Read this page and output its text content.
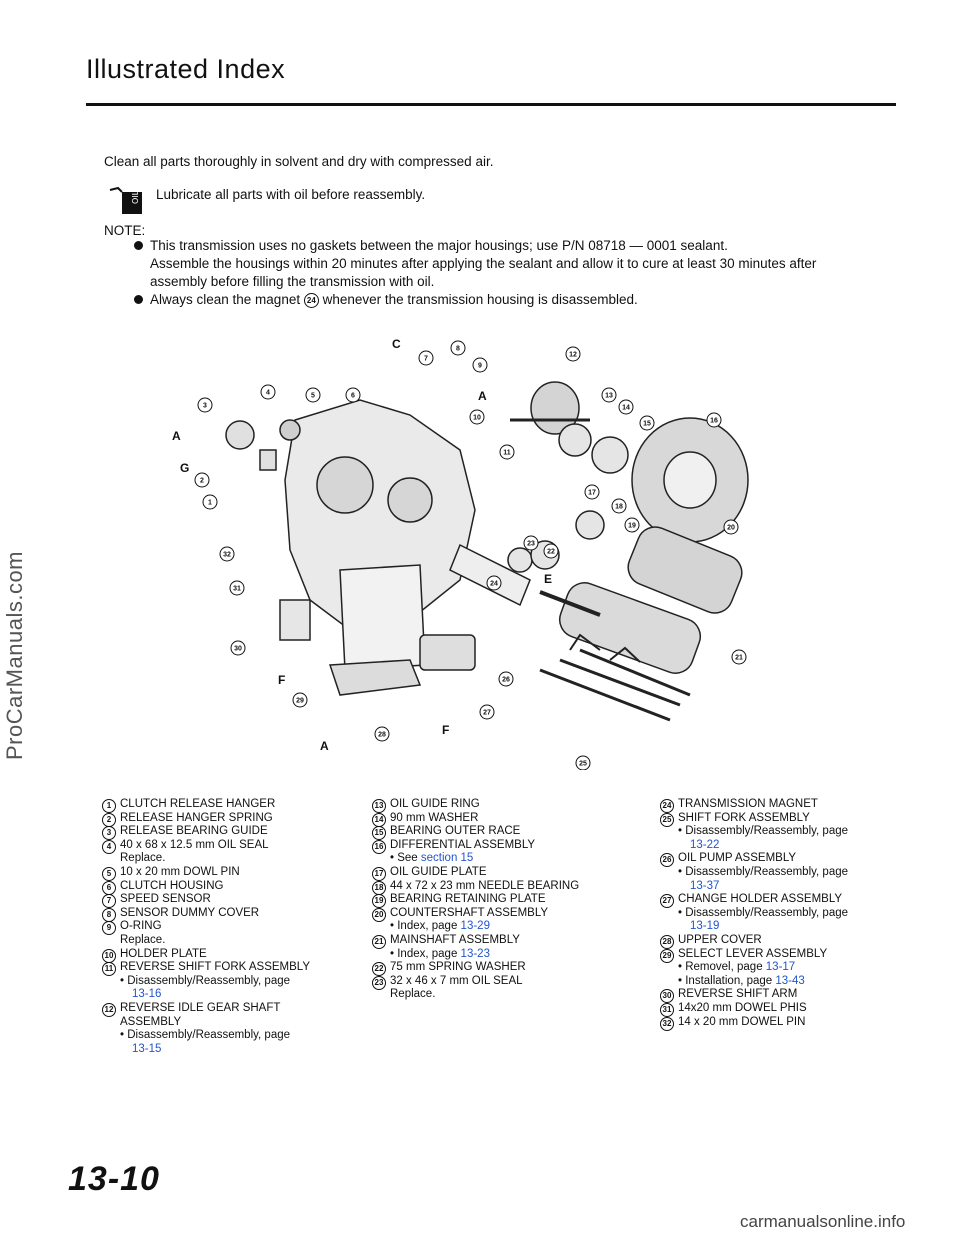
Illustrated Index
Clean all parts thoroughly in solvent and dry with compressed air.
OIL Lubricate all parts with oil before reassembly.
NOTE:
This transmission uses no gaskets between the major housings; use P/N 08718 — 0001 sealant.
Assemble the housings within 20 minutes after applying the sealant and allow it to cure at least 30 minutes after
assembly before filling the transmission with oil.
Always clean the magnet 24 whenever the transmission housing is disassembled.
ProCarManuals.com
A
G
C
A
E
F
F
A
1
2
3
4	5	6
7
8
9
10
11
12
13
14
15	16
17
18
19	20
21
22
23
24
25
26
27
28
29
30
31
32
1 CLUTCH RELEASE HANGER
2 RELEASE HANGER SPRING
3 RELEASE BEARING GUIDE
4 40 x 68 x 12.5 mm OIL SEAL
Replace.
5 10 x 20 mm DOWL PIN
6 CLUTCH HOUSING
7 SPEED SENSOR
8 SENSOR DUMMY COVER
9 O-RING
Replace.
10 HOLDER PLATE
11 REVERSE SHIFT FORK ASSEMBLY
• Disassembly/Reassembly, page
13-16
12 REVERSE IDLE GEAR SHAFT
ASSEMBLY
• Disassembly/Reassembly, page
13-15
13 OIL GUIDE RING
14 90 mm WASHER
15 BEARING OUTER RACE
16 DIFFERENTIAL ASSEMBLY
• See section 15
17 OIL GUIDE PLATE
18 44 x 72 x 23 mm NEEDLE BEARING
19 BEARING RETAINING PLATE
20 COUNTERSHAFT ASSEMBLY
• Index, page 13-29
21 MAINSHAFT ASSEMBLY
• Index, page 13-23
22 75 mm SPRING WASHER
23 32 x 46 x 7 mm OIL SEAL
Replace.
24 TRANSMISSION MAGNET
25 SHIFT FORK ASSEMBLY
• Disassembly/Reassembly, page
13-22
26 OIL PUMP ASSEMBLY
• Disassembly/Reassembly, page
13-37
27 CHANGE HOLDER ASSEMBLY
• Disassembly/Reassembly, page
13-19
28 UPPER COVER
29 SELECT LEVER ASSEMBLY
• Removel, page 13-17
• Installation, page 13-43
30 REVERSE SHIFT ARM
31 14x20 mm DOWEL PHIS
32 14 x 20 mm DOWEL PIN
13-10
carmanualsonline.info
